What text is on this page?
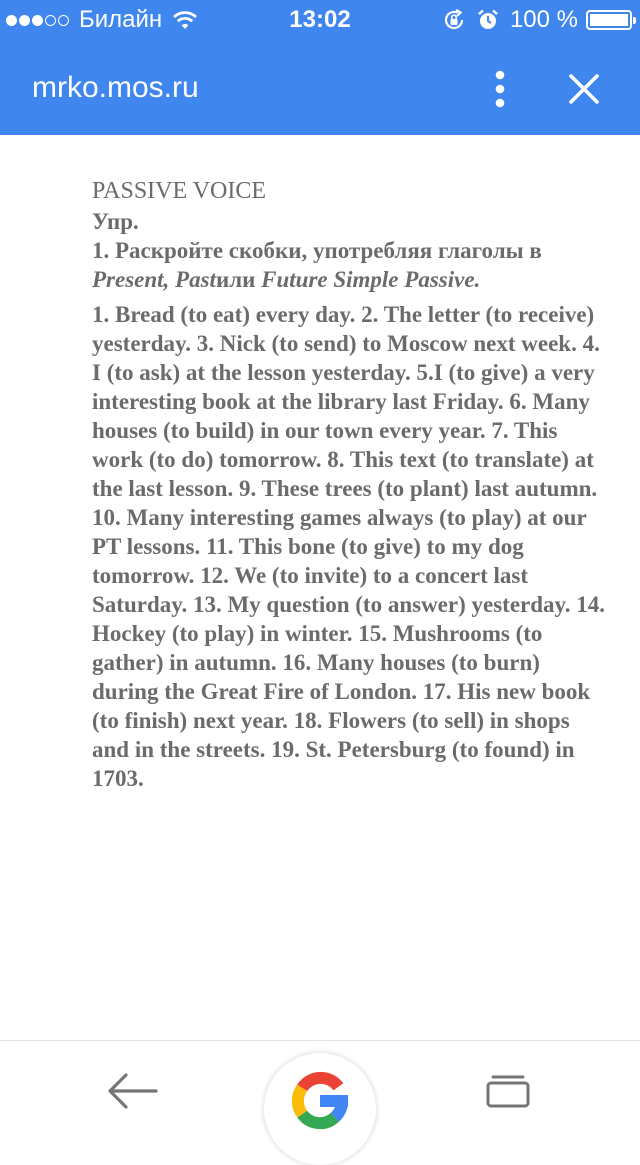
Билайн	13:02	100 %
mrko.mos.ru
PASSIVE VOICE
Упр.
1. Раскройте скобки, употребляя глаголы в Present, Pastили Future Simple Passive.
1. Bread (to eat) every day. 2. The letter (to receive) yesterday. 3. Nick (to send) to Moscow next week. 4. I (to ask) at the lesson yesterday. 5.I (to give) a very interesting book at the library last Friday. 6. Many houses (to build) in our town every year. 7. This work (to do) tomorrow. 8. This text (to translate) at the last lesson. 9. These trees (to plant) last autumn. 10. Many interesting games always (to play) at our PT lessons. 11. This bone (to give) to my dog tomorrow. 12. We (to invite) to a concert last Saturday. 13. My question (to answer) yesterday. 14. Hockey (to play) in winter. 15. Mushrooms (to gather) in autumn. 16. Many houses (to burn) during the Great Fire of London. 17. His new book (to finish) next year. 18. Flowers (to sell) in shops and in the streets. 19. St. Petersburg (to found) in 1703.
